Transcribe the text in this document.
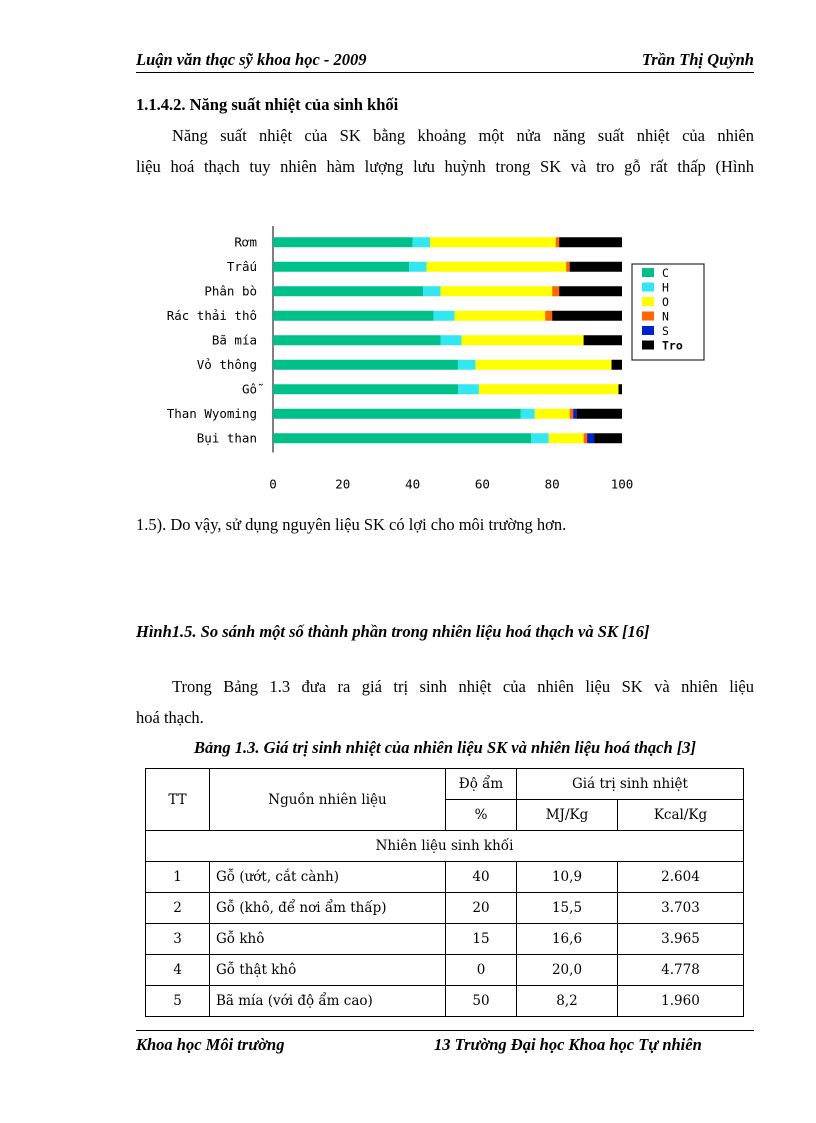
Luận văn thạc sỹ khoa học - 2009	Trần Thị Quỳnh
1.1.4.2. Năng suất nhiệt của sinh khối

Năng suất nhiệt của SK bằng khoảng một nửa năng suất nhiệt của nhiên

liệu hoá thạch tuy nhiên hàm lượng lưu huỳnh trong SK và tro gỗ rất thấp (Hình

Rơm
Trấu
Phân bò
Rác thải thô
Bã mía
Vỏ thông
Gỗ
Than Wyoming
Bụi than
0	20	40	60	80	100
C
H
O
N
S
Tro

1.5). Do vậy, sử dụng nguyên liệu SK có lợi cho môi trường hơn.

Hình1.5. So sánh một số thành phần trong nhiên liệu hoá thạch và SK [16]

Trong Bảng 1.3 đưa ra giá trị sinh nhiệt của nhiên liệu SK và nhiên liệu

hoá thạch.

Bảng 1.3. Giá trị sinh nhiệt của nhiên liệu SK và nhiên liệu hoá thạch [3]
TT	Nguồn nhiên liệu	Độ ẩm	Giá trị sinh nhiệt	
		%	MJ/Kg	Kcal/Kg
Nhiên liệu sinh khối				
1	Gỗ (ướt, cắt cành)	40	10,9	2.604
2	Gỗ (khô, để nơi ẩm thấp)	20	15,5	3.703
3	Gỗ khô	15	16,6	3.965
4	Gỗ thật khô	0	20,0	4.778
5	Bã mía (với độ ẩm cao)	50	8,2	1.960
Khoa học Môi trường	13 Trường Đại học Khoa học Tự nhiên
